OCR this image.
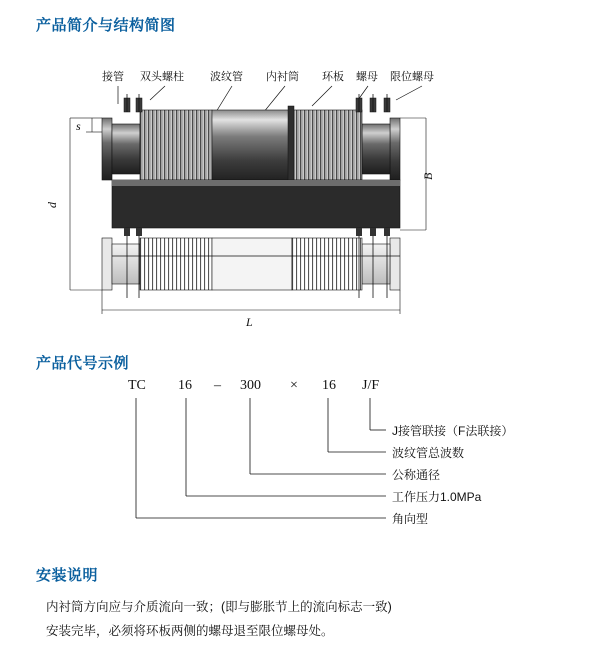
产品简介与结构简图
产品代号示例
安装说明
s
d
B
L
接管 双头螺柱 波纹管 内衬筒 环板 螺母 限位螺母
TC 16 – 300 × 16 J/F
J接管联接（F法联接）
波纹管总波数
公称通径
工作压力1.0MPa
角向型

内衬筒方向应与介质流向一致；(即与膨胀节上的流向标志一致)

安装完毕，必须将环板两侧的螺母退至限位螺母处。
